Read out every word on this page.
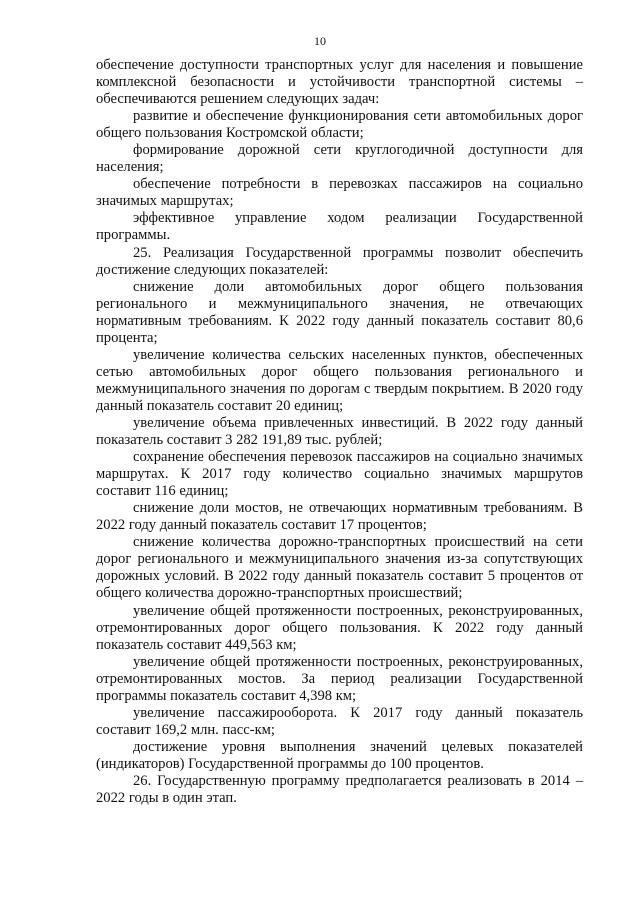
10

обеспечение доступности транспортных услуг для населения и повышение комплексной безопасности и устойчивости транспортной системы – обеспечиваются решением следующих задач:

развитие и обеспечение функционирования сети автомобильных дорог общего пользования Костромской области;

формирование дорожной сети круглогодичной доступности для населения;

обеспечение потребности в перевозках пассажиров на социально значимых маршрутах;

эффективное управление ходом реализации Государственной программы.

25. Реализация Государственной программы позволит обеспечить достижение следующих показателей:

снижение доли автомобильных дорог общего пользования регионального и межмуниципального значения, не отвечающих нормативным требованиям. К 2022 году данный показатель составит 80,6 процента;

увеличение количества сельских населенных пунктов, обеспеченных сетью автомобильных дорог общего пользования регионального и межмуниципального значения по дорогам с твердым покрытием. В 2020 году данный показатель составит 20 единиц;

увеличение объема привлеченных инвестиций. В 2022 году данный показатель составит 3 282 191,89 тыс. рублей;

сохранение обеспечения перевозок пассажиров на социально значимых маршрутах. К 2017 году количество социально значимых маршрутов составит 116 единиц;

снижение доли мостов, не отвечающих нормативным требованиям. В 2022 году данный показатель составит 17 процентов;

снижение количества дорожно-транспортных происшествий на сети дорог регионального и межмуниципального значения из-за сопутствующих дорожных условий. В 2022 году данный показатель составит 5 процентов от общего количества дорожно-транспортных происшествий;

увеличение общей протяженности построенных, реконструированных, отремонтированных дорог общего пользования. К 2022 году данный показатель составит 449,563 км;

увеличение общей протяженности построенных, реконструированных, отремонтированных мостов. За период реализации Государственной программы показатель составит 4,398 км;

увеличение пассажирооборота. К 2017 году данный показатель составит 169,2 млн. пасс-км;

достижение уровня выполнения значений целевых показателей (индикаторов) Государственной программы до 100 процентов.

26. Государственную программу предполагается реализовать в 2014 – 2022 годы в один этап.
